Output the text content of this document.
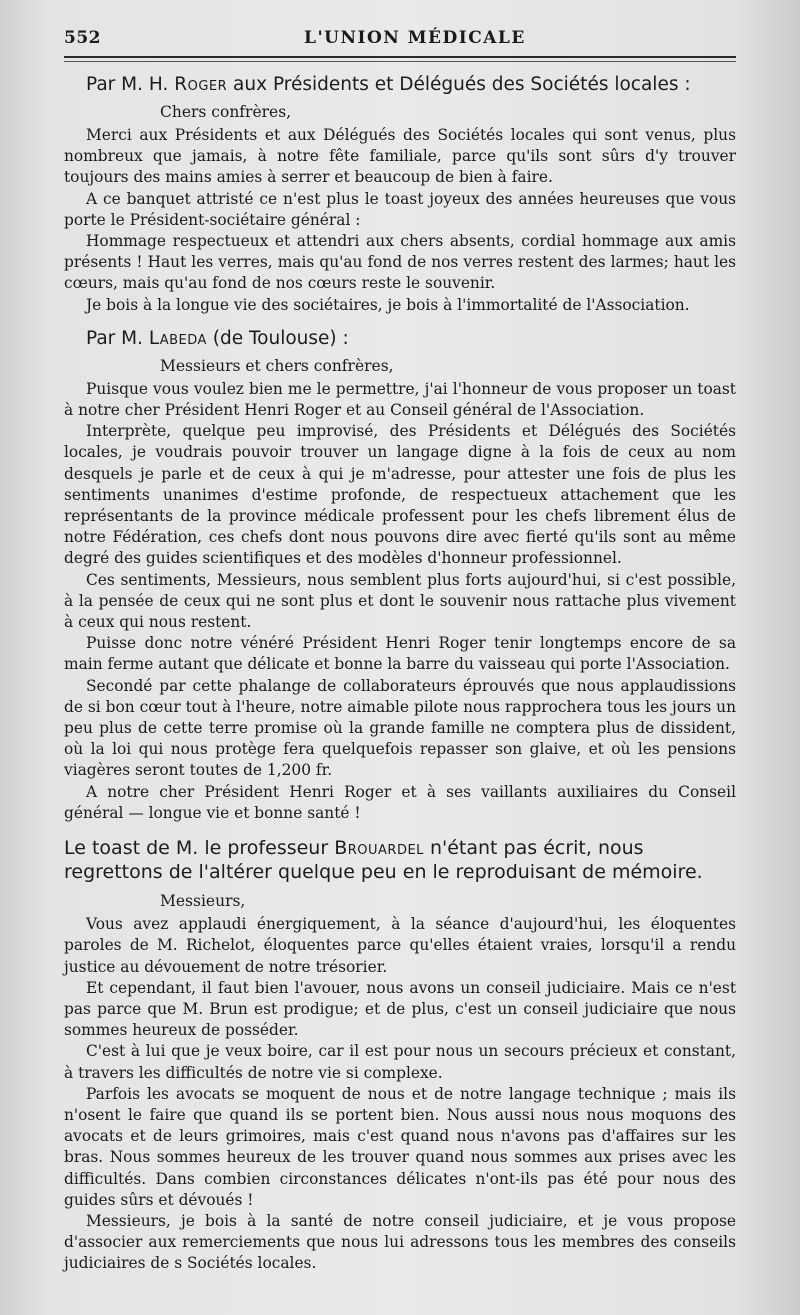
552	L'UNION MÉDICALE
Par M. H. Roger aux Présidents et Délégués des Sociétés locales :
Chers confrères,

Merci aux Présidents et aux Délégués des Sociétés locales qui sont venus, plus nombreux que jamais, à notre fête familiale, parce qu'ils sont sûrs d'y trouver toujours des mains amies à serrer et beaucoup de bien à faire.

A ce banquet attristé ce n'est plus le toast joyeux des années heureuses que vous porte le Président-sociétaire général :

Hommage respectueux et attendri aux chers absents, cordial hommage aux amis présents ! Haut les verres, mais qu'au fond de nos verres restent des larmes; haut les cœurs, mais qu'au fond de nos cœurs reste le souvenir.

Je bois à la longue vie des sociétaires, je bois à l'immortalité de l'Association.

Par M. Labeda (de Toulouse) :
Messieurs et chers confrères,

Puisque vous voulez bien me le permettre, j'ai l'honneur de vous proposer un toast à notre cher Président Henri Roger et au Conseil général de l'Association.

Interprète, quelque peu improvisé, des Présidents et Délégués des Sociétés locales, je voudrais pouvoir trouver un langage digne à la fois de ceux au nom desquels je parle et de ceux à qui je m'adresse, pour attester une fois de plus les sentiments unanimes d'estime profonde, de respectueux attachement que les représentants de la province médicale professent pour les chefs librement élus de notre Fédération, ces chefs dont nous pouvons dire avec fierté qu'ils sont au même degré des guides scientifiques et des modèles d'honneur professionnel.

Ces sentiments, Messieurs, nous semblent plus forts aujourd'hui, si c'est possible, à la pensée de ceux qui ne sont plus et dont le souvenir nous rattache plus vivement à ceux qui nous restent.

Puisse donc notre vénéré Président Henri Roger tenir longtemps encore de sa main ferme autant que délicate et bonne la barre du vaisseau qui porte l'Association.

Secondé par cette phalange de collaborateurs éprouvés que nous applaudissions de si bon cœur tout à l'heure, notre aimable pilote nous rapprochera tous les jours un peu plus de cette terre promise où la grande famille ne comptera plus de dissident, où la loi qui nous protège fera quelquefois repasser son glaive, et où les pensions viagères seront toutes de 1,200 fr.

A notre cher Président Henri Roger et à ses vaillants auxiliaires du Conseil général — longue vie et bonne santé !

Le toast de M. le professeur Brouardel n'étant pas écrit, nous regrettons de l'altérer quelque peu en le reproduisant de mémoire.
Messieurs,

Vous avez applaudi énergiquement, à la séance d'aujourd'hui, les éloquentes paroles de M. Richelot, éloquentes parce qu'elles étaient vraies, lorsqu'il a rendu justice au dévouement de notre trésorier.

Et cependant, il faut bien l'avouer, nous avons un conseil judiciaire. Mais ce n'est pas parce que M. Brun est prodigue; et de plus, c'est un conseil judiciaire que nous sommes heureux de posséder.

C'est à lui que je veux boire, car il est pour nous un secours précieux et constant, à travers les difficultés de notre vie si complexe.

Parfois les avocats se moquent de nous et de notre langage technique ; mais ils n'osent le faire que quand ils se portent bien. Nous aussi nous nous moquons des avocats et de leurs grimoires, mais c'est quand nous n'avons pas d'affaires sur les bras. Nous sommes heureux de les trouver quand nous sommes aux prises avec les difficultés. Dans combien circonstances délicates n'ont-ils pas été pour nous des guides sûrs et dévoués !

Messieurs, je bois à la santé de notre conseil judiciaire, et je vous propose d'associer aux remerciements que nous lui adressons tous les membres des conseils judiciaires de s Sociétés locales.
